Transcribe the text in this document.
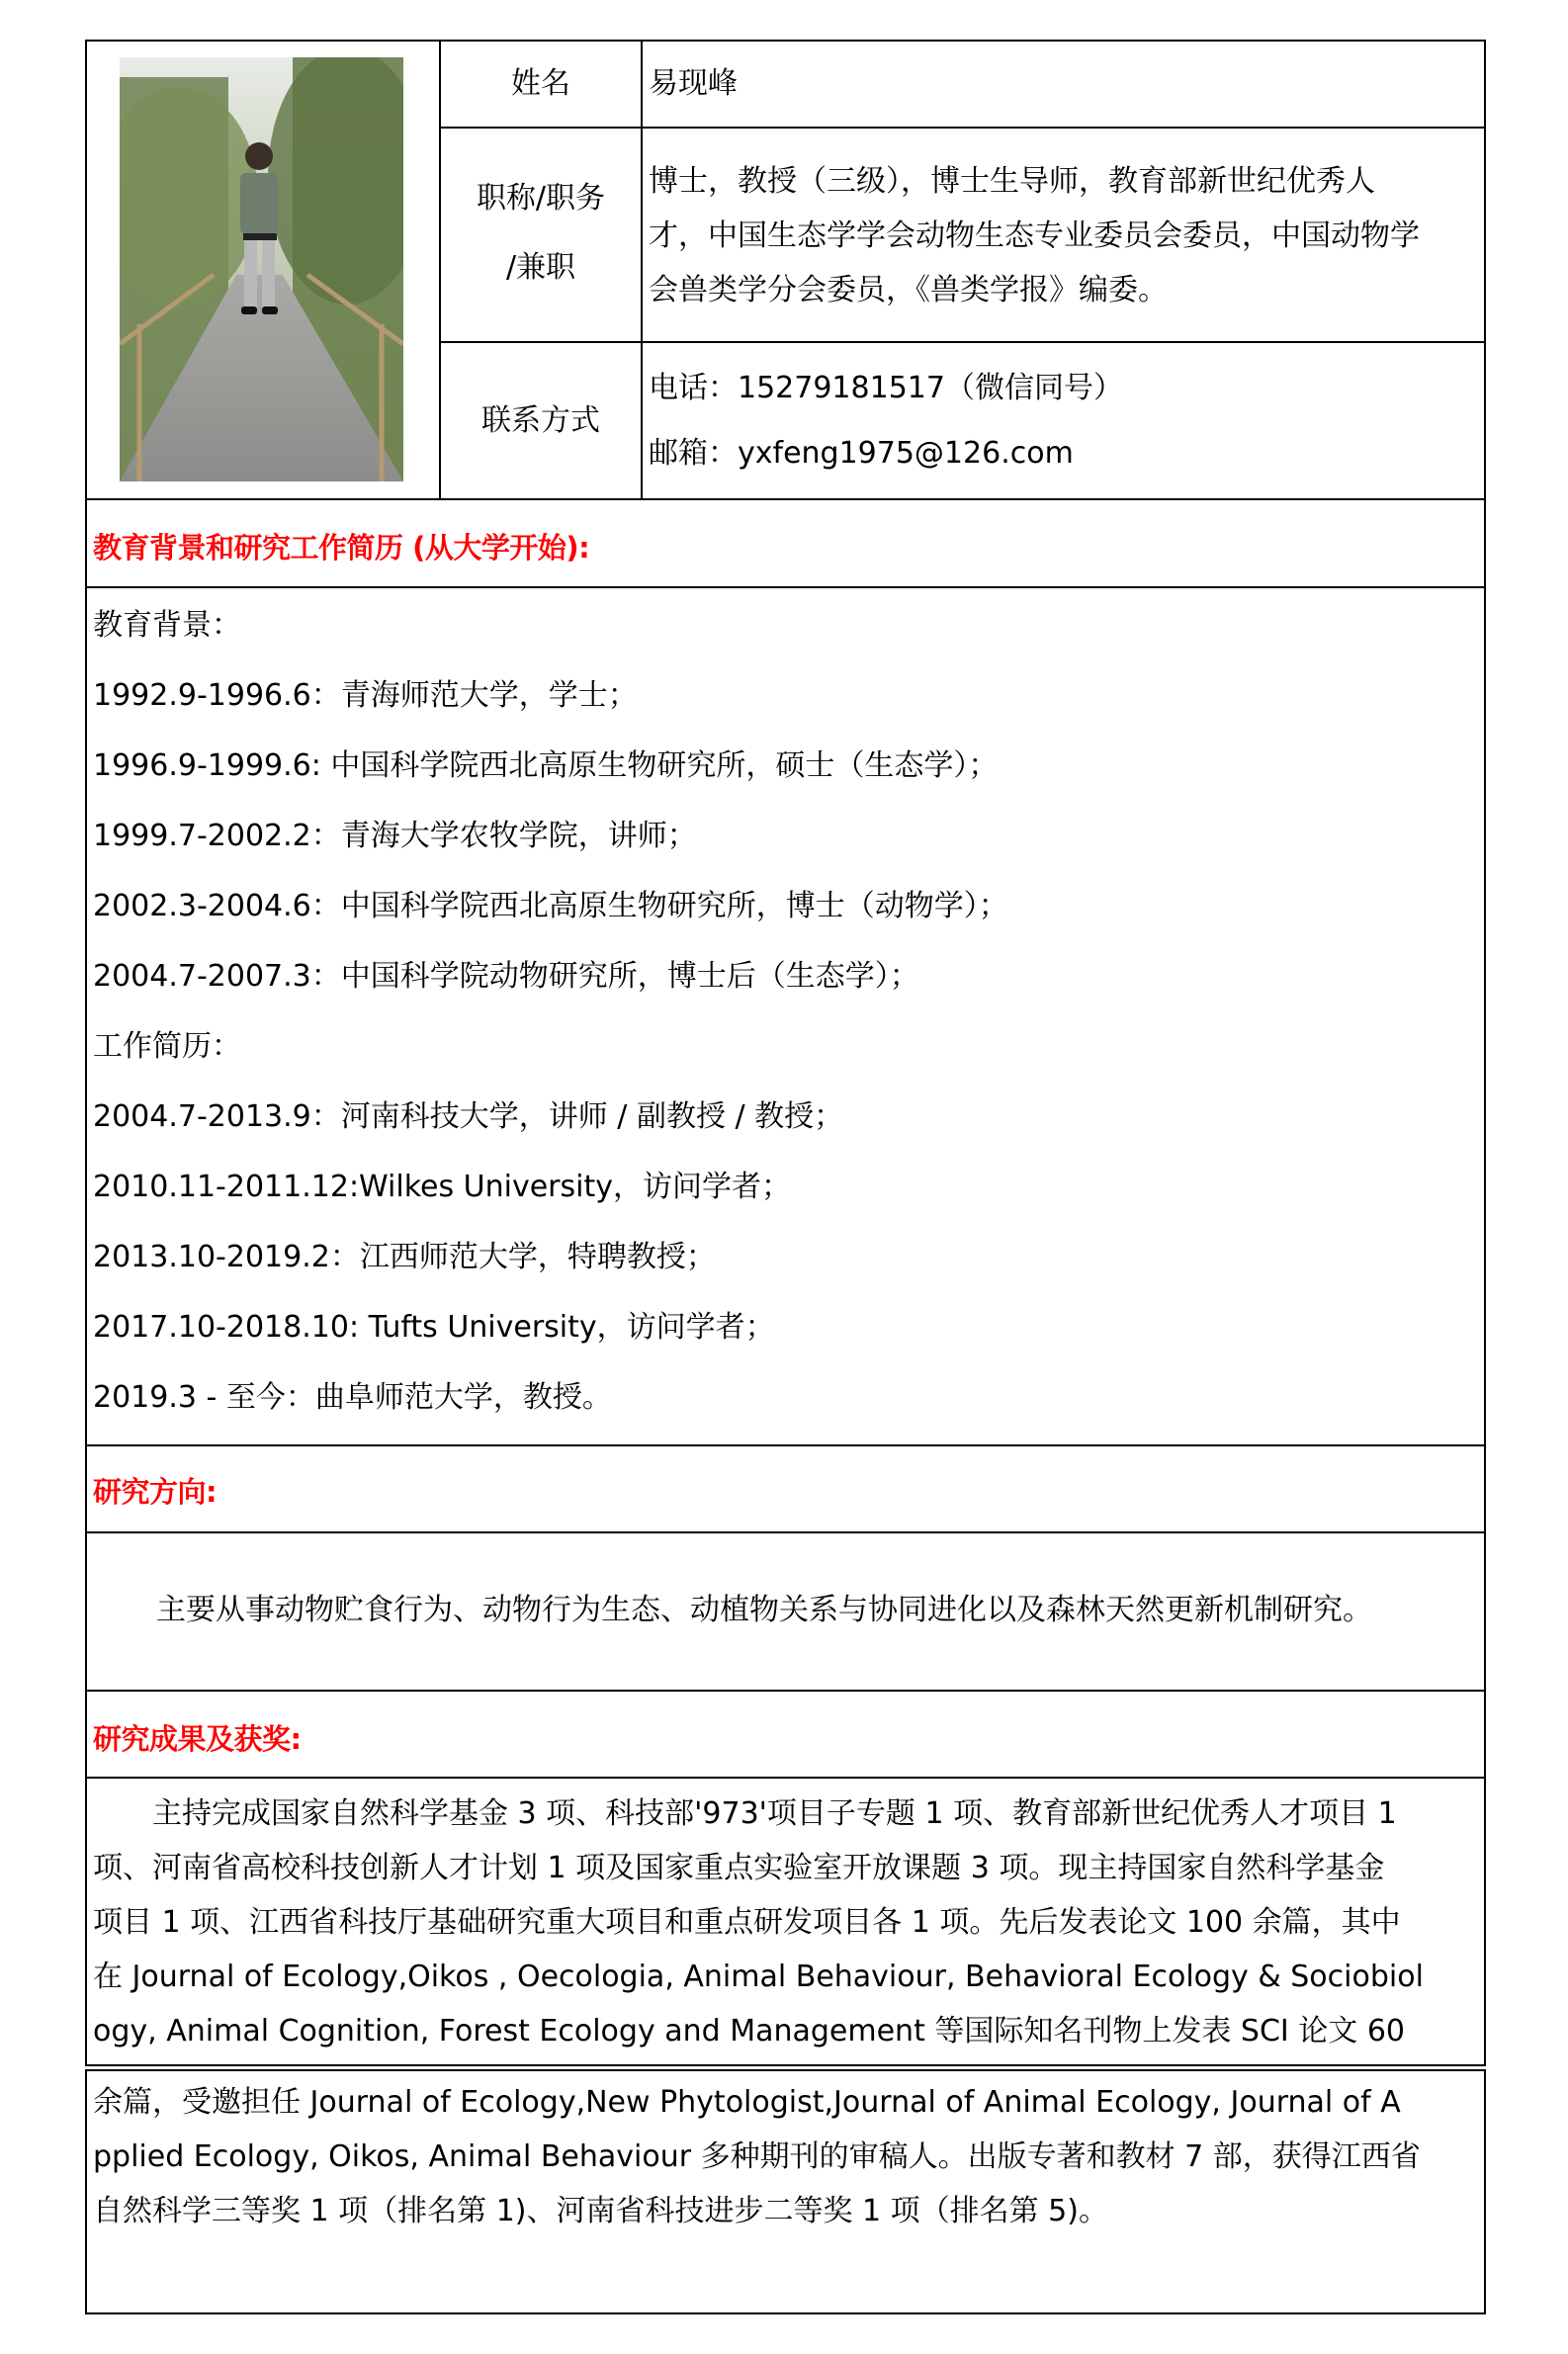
姓名	易现峰
职称/职务
/兼职
博士，教授（三级），博士生导师，教育部新世纪优秀人
才，中国生态学学会动物生态专业委员会委员，中国动物学
会兽类学分会委员，《兽类学报》编委。
联系方式
电话：15279181517（微信同号）
邮箱：yxfeng1975@126.com
教育背景和研究工作简历 (从大学开始):
教育背景：
1992.9-1996.6：青海师范大学，学士；
1996.9-1999.6: 中国科学院西北高原生物研究所，硕士（生态学）；
1999.7-2002.2：青海大学农牧学院，讲师；
2002.3-2004.6：中国科学院西北高原生物研究所，博士（动物学）；
2004.7-2007.3：中国科学院动物研究所，博士后（生态学）；
工作简历：
2004.7-2013.9：河南科技大学，讲师 / 副教授 / 教授；
2010.11-2011.12:Wilkes University，访问学者；
2013.10-2019.2：江西师范大学，特聘教授；
2017.10-2018.10: Tufts University，访问学者；
2019.3 - 至今：曲阜师范大学，教授。
研究方向:
主要从事动物贮食行为、动物行为生态、动植物关系与协同进化以及森林天然更新机制研究。
研究成果及获奖:
　　主持完成国家自然科学基金 3 项、科技部'973'项目子专题 1 项、教育部新世纪优秀人才项目 1
项、河南省高校科技创新人才计划 1 项及国家重点实验室开放课题 3 项。现主持国家自然科学基金
项目 1 项、江西省科技厅基础研究重大项目和重点研发项目各 1 项。先后发表论文 100 余篇，其中
在 Journal of Ecology,Oikos , Oecologia, Animal Behaviour, Behavioral Ecology & Sociobiol
ogy, Animal Cognition, Forest Ecology and Management 等国际知名刊物上发表 SCI 论文 60
余篇，受邀担任 Journal of Ecology,New Phytologist,Journal of Animal Ecology, Journal of A
pplied Ecology, Oikos, Animal Behaviour 多种期刊的审稿人。出版专著和教材 7 部，获得江西省
自然科学三等奖 1 项（排名第 1)、河南省科技进步二等奖 1 项（排名第 5)。
